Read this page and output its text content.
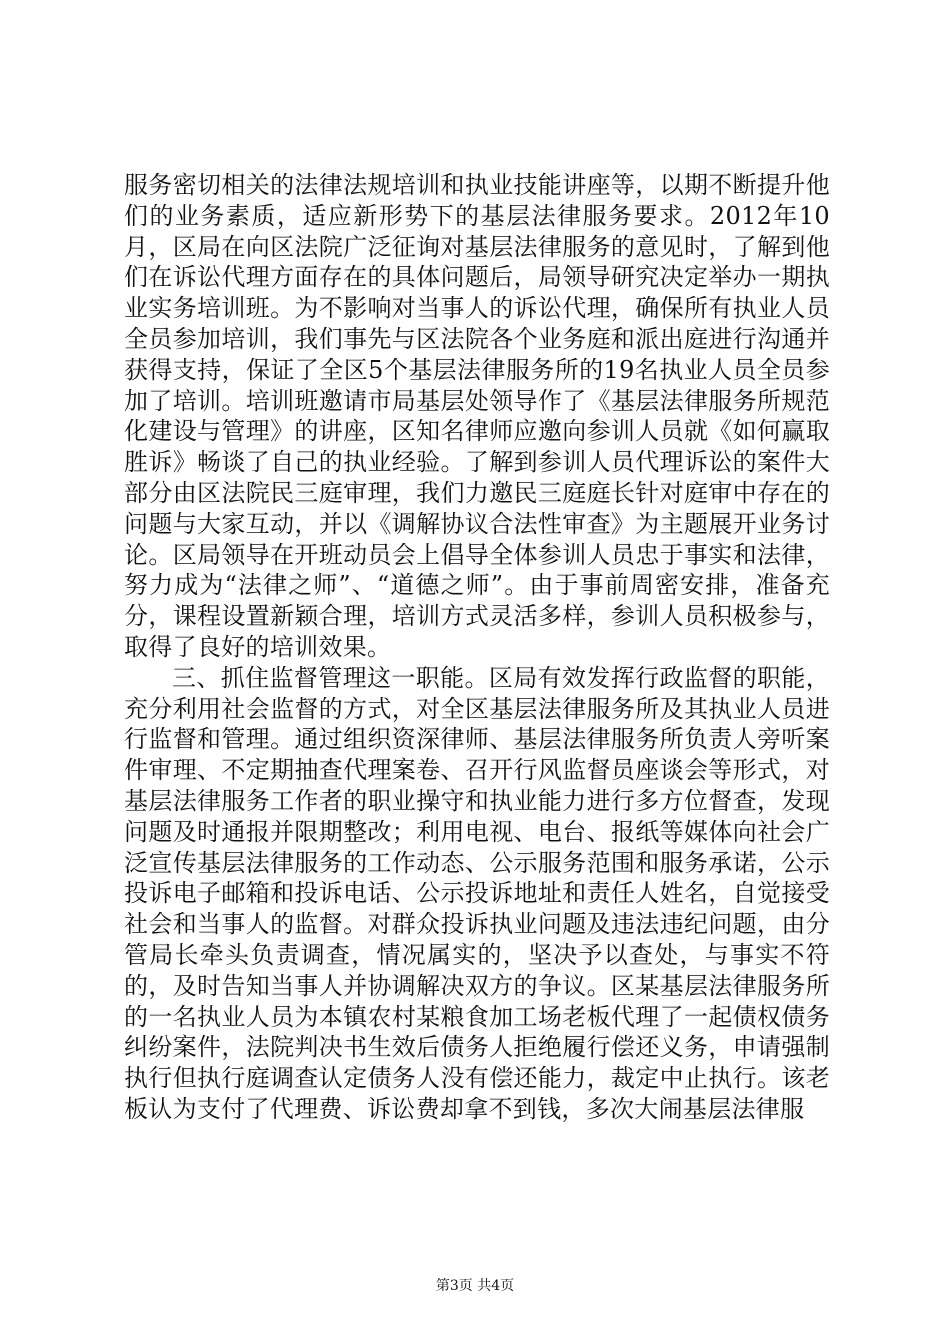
服务密切相关的法律法规培训和执业技能讲座等，以期不断提升他们的业务素质，适应新形势下的基层法律服务要求。2012年10月，区局在向区法院广泛征询对基层法律服务的意见时，了解到他们在诉讼代理方面存在的具体问题后，局领导研究决定举办一期执业实务培训班。为不影响对当事人的诉讼代理，确保所有执业人员全员参加培训，我们事先与区法院各个业务庭和派出庭进行沟通并获得支持，保证了全区5个基层法律服务所的19名执业人员全员参加了培训。培训班邀请市局基层处领导作了《基层法律服务所规范化建设与管理》的讲座，区知名律师应邀向参训人员就《如何赢取胜诉》畅谈了自己的执业经验。了解到参训人员代理诉讼的案件大部分由区法院民三庭审理，我们力邀民三庭庭长针对庭审中存在的问题与大家互动，并以《调解协议合法性审查》为主题展开业务讨论。区局领导在开班动员会上倡导全体参训人员忠于事实和法律，努力成为“法律之师”、“道德之师”。由于事前周密安排，准备充分，课程设置新颖合理，培训方式灵活多样，参训人员积极参与，取得了良好的培训效果。

三、抓住监督管理这一职能。区局有效发挥行政监督的职能，充分利用社会监督的方式，对全区基层法律服务所及其执业人员进行监督和管理。通过组织资深律师、基层法律服务所负责人旁听案件审理、不定期抽查代理案卷、召开行风监督员座谈会等形式，对基层法律服务工作者的职业操守和执业能力进行多方位督查，发现问题及时通报并限期整改；利用电视、电台、报纸等媒体向社会广泛宣传基层法律服务的工作动态、公示服务范围和服务承诺，公示投诉电子邮箱和投诉电话、公示投诉地址和责任人姓名，自觉接受社会和当事人的监督。对群众投诉执业问题及违法违纪问题，由分管局长牵头负责调查，情况属实的，坚决予以查处，与事实不符的，及时告知当事人并协调解决双方的争议。区某基层法律服务所的一名执业人员为本镇农村某粮食加工场老板代理了一起债权债务纠纷案件，法院判决书生效后债务人拒绝履行偿还义务，申请强制执行但执行庭调查认定债务人没有偿还能力，裁定中止执行。该老板认为支付了代理费、诉讼费却拿不到钱，多次大闹基层法律服

第3页 共4页
